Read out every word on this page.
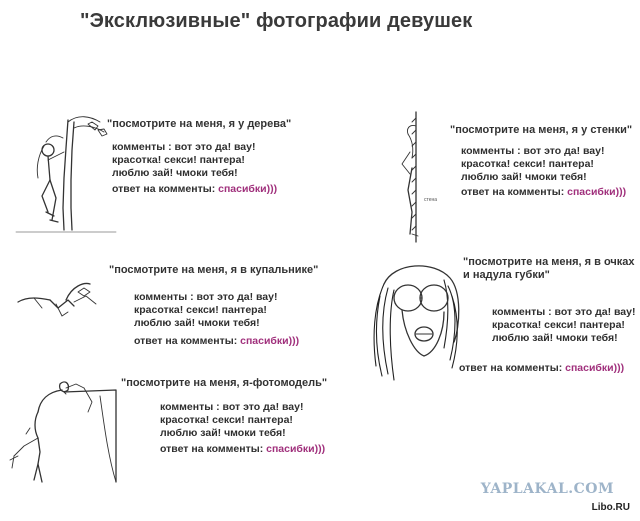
"Эксклюзивные" фотографии девушек
"посмотрите на меня, я у дерева"
комменты : вот это да! вау!
красотка! секси! пантера!
люблю зай! чмоки тебя!
ответ на комменты: спасибки)))
стена
"посмотрите на меня, я у стенки"
комменты : вот это да! вау!
красотка! секси! пантера!
люблю зай! чмоки тебя!
ответ на комменты: спасибки)))
"посмотрите на меня, я в купальнике"
комменты : вот это да! вау!
красотка! секси! пантера!
люблю зай! чмоки тебя!
ответ на комменты: спасибки)))
"посмотрите на меня, я в очках
и надула губки"
комменты : вот это да! вау!
красотка! секси! пантера!
люблю зай! чмоки тебя!
ответ на комменты: спасибки)))
"посмотрите на меня, я-фотомодель"
комменты : вот это да! вау!
красотка! секси! пантера!
люблю зай! чмоки тебя!
ответ на комменты: спасибки)))
YAPLAKAL.COM
Libo.RU
